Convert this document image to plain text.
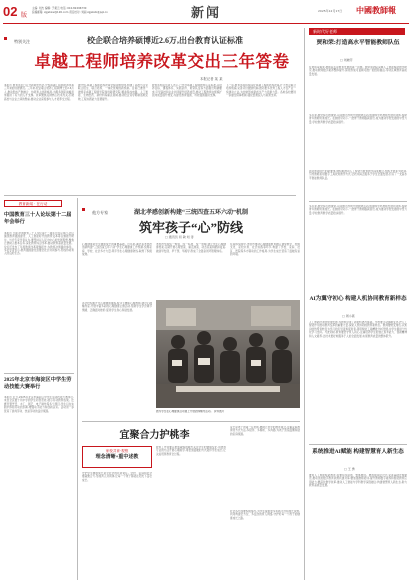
02 版
主编: 刘杰 编辑: 于素云 电话: 010-82296730
投稿邮箱: zgjsbxw@126.com 责任校对: 刘丽 zgjsbxb@jsjz.cn	新闻	2025年12月17日 中國教師報
特别关注	校企联合培养硕博近2.6万,出台教育认证标准
卓越工程师培养改革交出三年答卷
本报记者 某 某
本报讯 教育部近日召开新闻发布会,介绍卓越工程师培养改革三年来的进展情况。三年来,校企联合培养工程硕博士近2.6万人,推动形成产教融合、协同育人的新格局,为服务国家战略需求提供了有力的人才支撑。改革聚焦关键核心技术攻关,打破高校与企业之间的壁垒,推动企业深度参与人才培养全过程。
据介绍,卓越工程师培养改革坚持问题导向,构建了高校与企业联合招生、联合培养、一体化管理的新机制。目前已遴选一批国家卓越工程师学院和创新研究院,覆盖集成电路、人工智能、生物医药、新材料等重点领域,推动校企双导师制落地见效,工程实践能力显著提升。
教育部相关负责人表示,已出台卓越工程师教育认证标准,从培养目标、课程体系、实践条件、师资队伍等方面提出明确要求,引导高校和企业共同提升培养质量,推动工程教育由规模扩张向质量提升转变,为建设教育强国、科技强国提供支撑。
下一步,教育部将持续深化卓越工程师培养改革,扩大校企联合培养规模,完善评价激励机制,推动更多优秀工程人才在产业一线建功立业,为加快形成新质生产力贡献力量。各地各校要进一步健全保障机制,强化经费投入与政策支持。
新时代好老师
贾和荣:打造高水平智能教师队伍
□ 刘晓芳
在贾和荣看来,教师队伍是教育发展的第一资源。她带领团队深耕人工智能赋能教学研究,推动教师数字素养整体提升,探索形成可复制可推广的经验做法,带动区域教育高质量发展。
多年来,她坚持扎根课堂,以问题为导向开展教研活动,组建跨学科教师发展共同体,帮助青年教师快速成长。在她的带动下,一批骨干教师脱颖而出,成为推动学校发展的中坚力量,学校教育教学质量稳步提升。
面对智能时代的新要求,她积极推动人工智能与教育教学深度融合,组织开展系列培训,引导教师善用数字工具改进教学方式,让技术真正服务于学生全面发展,打造了一支高水平智能教师队伍。
教育新闻 · 在行动
中国教育三十人论坛第十二届年会举行
本报讯 日前,中国教育三十人论坛第十二届年会在京举行,会议围绕教育强国建设、人工智能时代的教育变革等议题展开研讨。与会专家学者认为,要坚持以人民为中心的发展思想,聚焦立德树人根本任务,深化教育综合改革,推动教育高质量发展。论坛还发布了年度教育改革观察报告,为教育决策提供参考。多位学者表示,教育强国建设需要全社会共同参与,形成协同育人的良好生态。
2025年北京市海淀区中学生劳动技能大赛举行
本报讯 近日,2025年北京市海淀区中学生劳动技能大赛举行,来自全区数十所中学的学生同台竞技,展示劳动教育成果。比赛设置烹饪、木工、园艺、电子制作等多个项目,学生们在实践中体验劳动的乐趣,增强动手能力和创新意识。活动进一步营造了崇尚劳动、热爱劳动的良好氛围。
他方专家	湖北孝感创新构建“三统四查五环六动”机制
筑牢孩子“心”防线
□ 通讯员 何 敏 刘 涛
心理健康是学生健康成长的重要基础。近年来,湖北省孝感市创新构建“三统四查五环六动”学生心理健康工作机制,统筹家庭、学校、社会多方力量,筑牢学生心理健康防线,取得了积极成效。
孝感市坚持统一规划、统一标准、统一管理,建立学生心理健康档案,定期开展心理普查、重点排查、动态巡查和跟踪复查,做到早发现、早干预、早疏导,形成了全链条闭环管理体系。
在具体实践中,孝感市推动心理健康教育融入课堂教学、校园文化、家校共育、社会实践等环节,构建了学校、家庭、社区、医院等多方联动的工作格局,为学生成长营造了温暖有爱的环境。
图为学生在心理健康活动课上开展团体辅导活动。 资料图片
各学校积极开设心理健康课程,配齐专兼职心理教师,建设心理辅导室,开展丰富多彩的心理健康主题活动,帮助学生学会调节情绪、正确面对挫折,促进学生身心和谐发展。
宜聚合力护桃李
家校共育·观察
理念清晰+重中述教
守护学生健康成长是全社会的共同责任。学校、家庭和社会要凝聚合力,形成育人共同体,让每一个孩子都能在阳光下茁壮成长。
教育工作者要以更加敏锐的眼光关注学生的情绪变化,用更加专业的方法开展心理疏导,用更加温暖的方式陪伴学生成长,让关爱贯穿教育全过程。
家长是孩子的第一任老师,要树立科学的教育观念,注重家庭教育的方式方法,多陪伴、多倾听、多沟通,为孩子营造温馨和谐的家庭氛围。
社会各方面要积极参与,为学生提供更多实践平台和成长资源,共同构建全方位、多层次的育人网络,守护好每一个孩子的健康成长之路。
AI为翼守初心 构建人机协同教育新样态
□ 周小燕
人工智能技术的快速发展,为教育带来了新的机遇与挑战。学校要主动拥抱变化,把人工智能作为推动教育变革的重要力量,探索人机协同的教育新样态。教师要转变角色,从知识的传授者转变为学习的引导者和促进者,善用智能工具精准分析学情,为学生提供个性化学习支持。与此同时,教育要坚守育人初心,注重培养学生的独立思考能力、创新精神和人文素养,让技术更好地服务于人的全面发展,实现教育质量的整体跃升。
多年来,她坚持扎根课堂,以问题为导向开展教研活动,组建跨学科教师发展共同体,帮助青年教师快速成长。在她的带动下,一批骨干教师脱颖而出,成为推动学校发展的中坚力量,学校教育教学质量稳步提升。
系统推进AI赋能 构建智慧育人新生态
□ 王 勇
推进人工智能赋能教育,需要系统谋划、整体推进。要加强顶层设计,完善基础设施建设,推动优质数字教育资源共建共享;要加强教师培训,提升教师数字素养和智能教育应用能力;要深化教学改革,推动人工智能与学科教学深度融合,构建智慧育人新生态,助力教育高质量发展。
